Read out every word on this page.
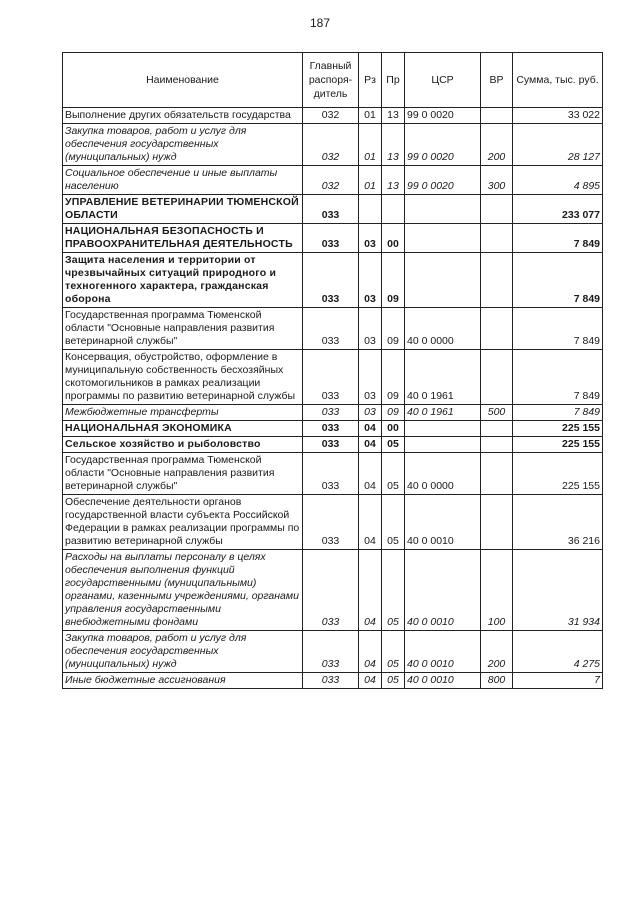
187
Наименование	Главный распоря-дитель	Рз	Пр	ЦСР	ВР	Сумма, тыс. руб.
Выполнение других обязательств государства	032	01	13	99 0 0020		33 022
Закупка товаров, работ и услуг для обеспечения государственных (муниципальных) нужд	032	01	13	99 0 0020	200	28 127
Социальное обеспечение и иные выплаты населению	032	01	13	99 0 0020	300	4 895
УПРАВЛЕНИЕ ВЕТЕРИНАРИИ ТЮМЕНСКОЙ ОБЛАСТИ	033					233 077
НАЦИОНАЛЬНАЯ БЕЗОПАСНОСТЬ И ПРАВООХРАНИТЕЛЬНАЯ ДЕЯТЕЛЬНОСТЬ	033	03	00			7 849
Защита населения и территории от чрезвычайных ситуаций природного и техногенного характера, гражданская оборона	033	03	09			7 849
Государственная программа Тюменской области "Основные направления развития ветеринарной службы"	033	03	09	40 0 0000		7 849
Консервация, обустройство, оформление в муниципальную собственность бесхозяйных скотомогильников в рамках реализации программы по развитию ветеринарной службы	033	03	09	40 0 1961		7 849
Межбюджетные трансферты	033	03	09	40 0 1961	500	7 849
НАЦИОНАЛЬНАЯ ЭКОНОМИКА	033	04	00			225 155
Сельское хозяйство и рыболовство	033	04	05			225 155
Государственная программа Тюменской области "Основные направления развития ветеринарной службы"	033	04	05	40 0 0000		225 155
Обеспечение деятельности органов государственной власти субъекта Российской Федерации в рамках реализации программы по развитию ветеринарной службы	033	04	05	40 0 0010		36 216
Расходы на выплаты персоналу в целях обеспечения выполнения функций государственными (муниципальными) органами, казенными учреждениями, органами управления государственными внебюджетными фондами	033	04	05	40 0 0010	100	31 934
Закупка товаров, работ и услуг для обеспечения государственных (муниципальных) нужд	033	04	05	40 0 0010	200	4 275
Иные бюджетные ассигнования	033	04	05	40 0 0010	800	7
